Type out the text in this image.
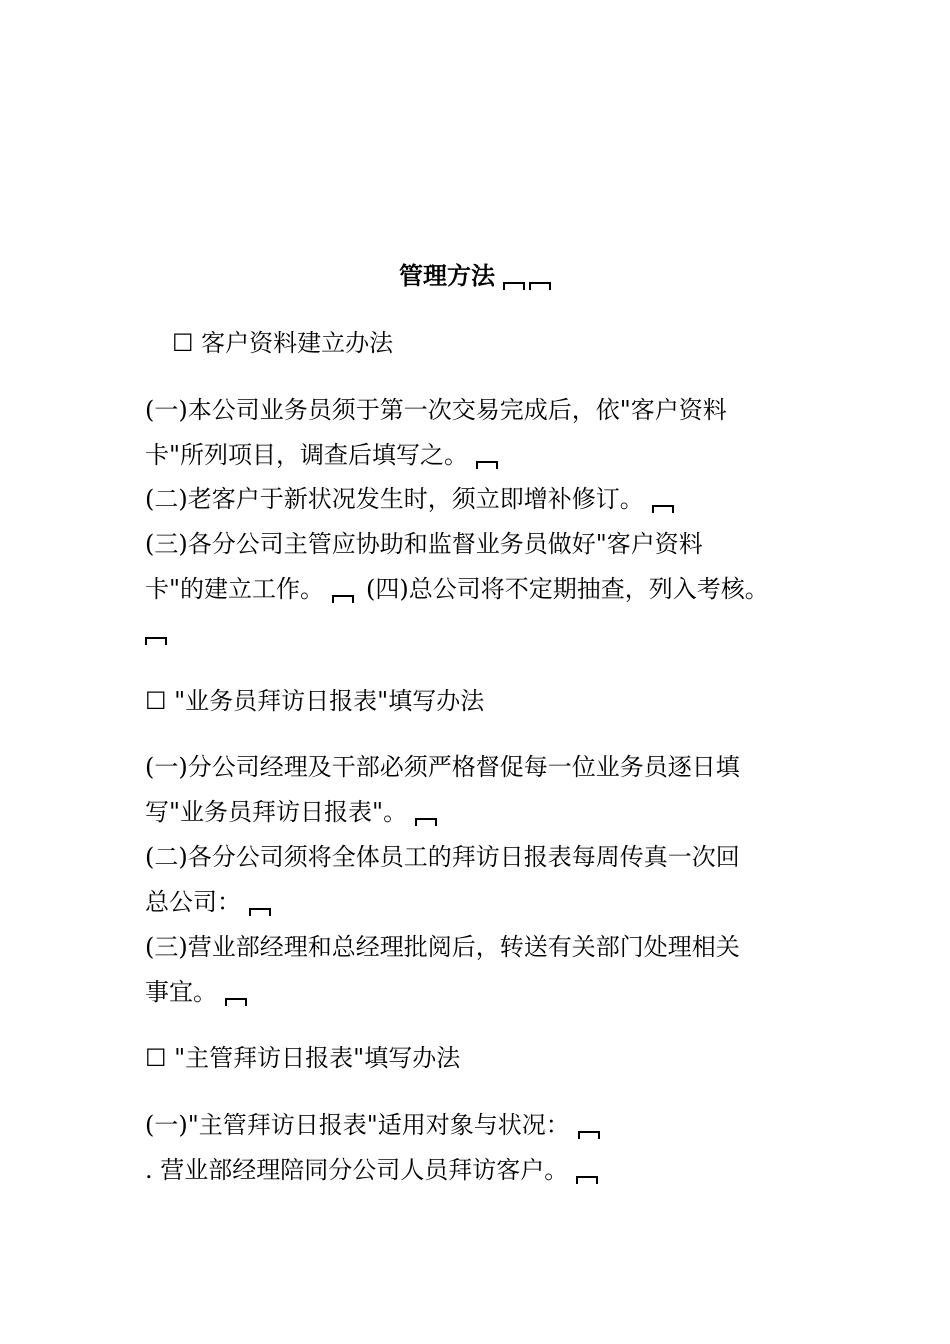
管理方法
☐ 客户资料建立办法
(一)本公司业务员须于第一次交易完成后，依"客户资料
卡"所列项目，调查后填写之。
(二)老客户于新状况发生时，须立即增补修订。
(三)各分公司主管应协助和监督业务员做好"客户资料
卡"的建立工作。 (四)总公司将不定期抽查，列入考核。
☐ "业务员拜访日报表"填写办法
(一)分公司经理及干部必须严格督促每一位业务员逐日填
写"业务员拜访日报表"。
(二)各分公司须将全体员工的拜访日报表每周传真一次回
总公司：
(三)营业部经理和总经理批阅后，转送有关部门处理相关
事宜。
☐ "主管拜访日报表"填写办法
(一)"主管拜访日报表"适用对象与状况：
. 营业部经理陪同分公司人员拜访客户。
